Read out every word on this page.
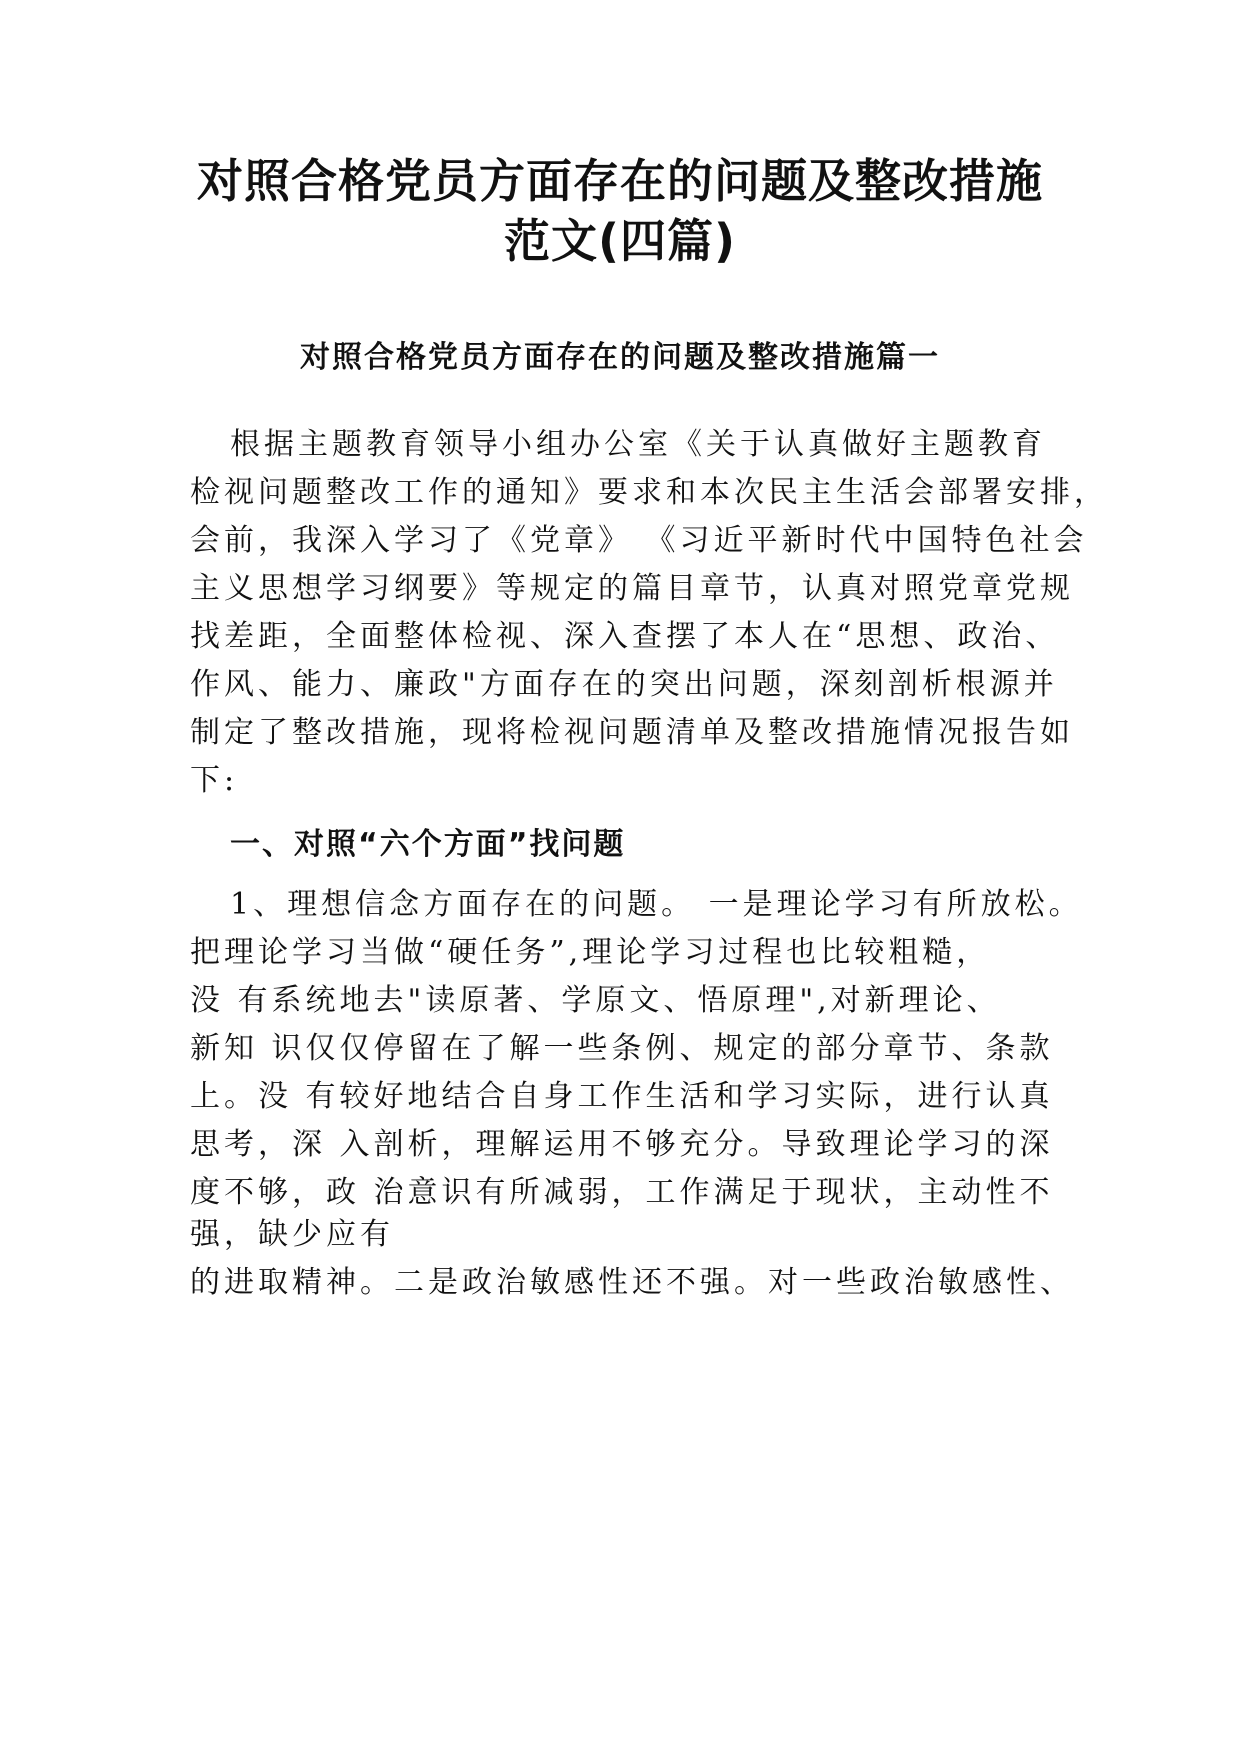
对照合格党员方面存在的问题及整改措施
范文(四篇)
对照合格党员方面存在的问题及整改措施篇一

根据主题教育领导小组办公室《关于认真做好主题教育

检视问题整改工作的通知》要求和本次民主生活会部署安排，

会前，我深入学习了《党章》 《习近平新时代中国特色社会

主义思想学习纲要》等规定的篇目章节，认真对照党章党规

找差距，全面整体检视、深入查摆了本人在“思想、政治、

作风、能力、廉政"方面存在的突出问题，深刻剖析根源并

制定了整改措施，现将检视问题清单及整改措施情况报告如

下:

一、对照“六个方面”找问题

1、理想信念方面存在的问题。 一是理论学习有所放松。

把理论学习当做“硬任务”,理论学习过程也比较粗糙，

没 有系统地去"读原著、学原文、悟原理",对新理论、

新知 识仅仅停留在了解一些条例、规定的部分章节、条款

上。没 有较好地结合自身工作生活和学习实际，进行认真

思考，深 入剖析，理解运用不够充分。导致理论学习的深

度不够，政 治意识有所减弱，工作满足于现状，主动性不

强，缺少应有

的进取精神。二是政治敏感性还不强。对一些政治敏感性、
